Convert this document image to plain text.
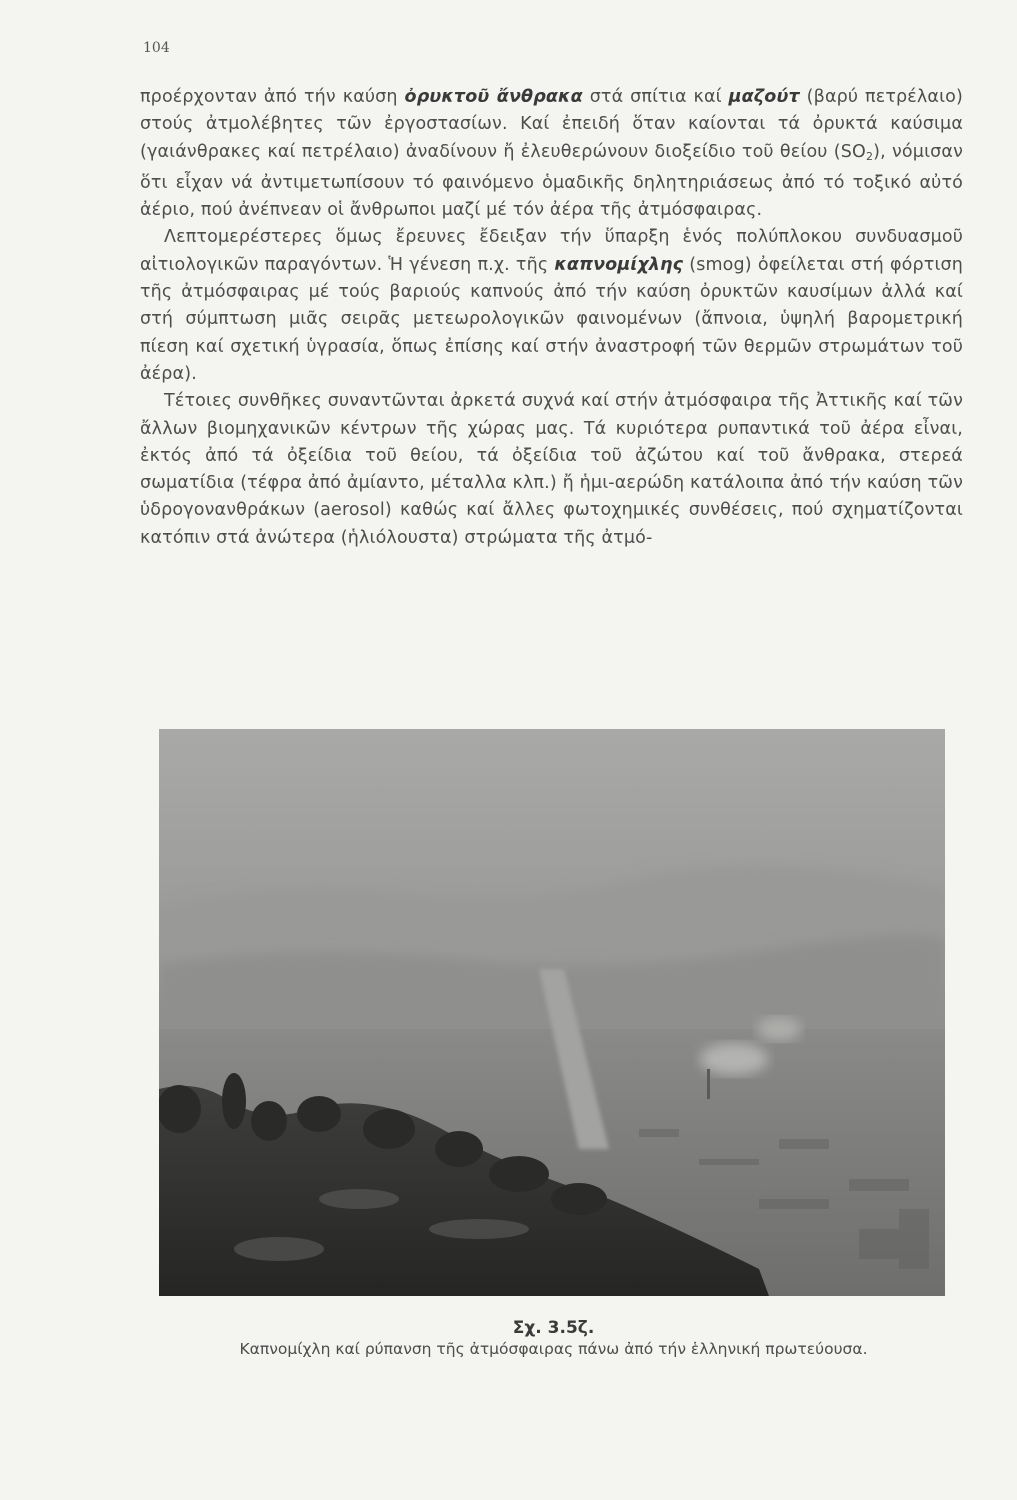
104

προέρχονταν ἀπό τήν καύση ὀρυκτοῦ ἄνθρακα στά σπίτια καί μαζούτ (βαρύ πετρέλαιο) στούς ἀτμολέβητες τῶν ἐργοστασίων. Καί ἐπειδή ὅταν καίονται τά ὀρυκτά καύσιμα (γαιάνθρακες καί πετρέλαιο) ἀναδίνουν ἤ ἐλευθερώνουν διοξείδιο τοῦ θείου $(SO_2)$, νόμισαν ὅτι εἶχαν νά ἀντιμετωπίσουν τό φαινόμενο ὁμαδικῆς δηλητηριάσεως ἀπό τό τοξικό αὐτό ἀέριο, πού ἀνέπνεαν οἱ ἄνθρωποι μαζί μέ τόν ἀέρα τῆς ἀτμόσφαιρας.

Λεπτομερέστερες ὅμως ἔρευνες ἔδειξαν τήν ὕπαρξη ἑνός πολύπλοκου συνδυασμοῦ αἰτιολογικῶν παραγόντων. Ἡ γένεση π.χ. τῆς καπνομίχλης (smog) ὀφείλεται στή φόρτιση τῆς ἀτμόσφαιρας μέ τούς βαριούς καπνούς ἀπό τήν καύση ὀρυκτῶν καυσίμων ἀλλά καί στή σύμπτωση μιᾶς σειρᾶς μετεωρολογικῶν φαινομένων (ἄπνοια, ὑψηλή βαρομετρική πίεση καί σχετική ὑγρασία, ὅπως ἐπίσης καί στήν ἀναστροφή τῶν θερμῶν στρωμάτων τοῦ ἀέρα).

Τέτοιες συνθῆκες συναντῶνται ἀρκετά συχνά καί στήν ἀτμόσφαιρα τῆς Ἀττικῆς καί τῶν ἄλλων βιομηχανικῶν κέντρων τῆς χώρας μας. Τά κυριότερα ρυπαντικά τοῦ ἀέρα εἶναι, ἐκτός ἀπό τά ὀξείδια τοῦ θείου, τά ὀξείδια τοῦ ἀζώτου καί τοῦ ἄνθρακα, στερεά σωματίδια (τέφρα ἀπό ἀμίαντο, μέταλλα κλπ.) ἤ ἡμι-αερώδη κατάλοιπα ἀπό τήν καύση τῶν ὑδρογονανθράκων (aerosol) καθώς καί ἄλλες φωτοχημικές συνθέσεις, πού σχηματίζονται κατόπιν στά ἀνώτερα (ἡλιόλουστα) στρώματα τῆς ἀτμό-

Σχ. 3.5ζ.
Καπνομίχλη καί ρύπανση τῆς ἀτμόσφαιρας πάνω ἀπό τήν ἑλληνική πρωτεύουσα.
